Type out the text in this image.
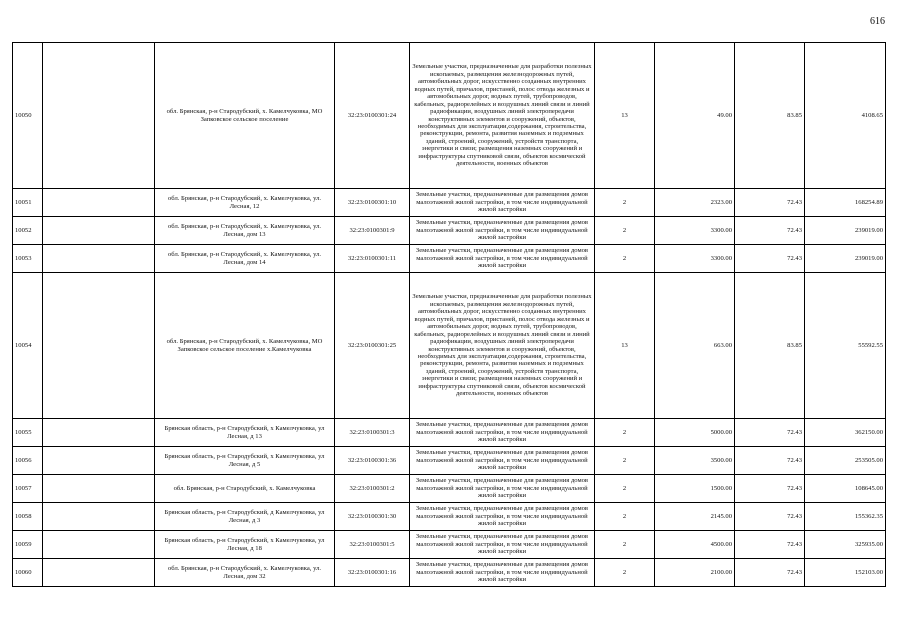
616
10050		обл. Брянская, р-н Стародубский, х. Камелчуковка, МО Запковское сельское поселение	32:23:0100301:24	Земельные участки, предназначенные для разработки полезных ископаемых, размещения железнодорожных путей, автомобильных дорог, искусственно созданных внутренних водных путей, причалов, пристаней, полос отвода железных и автомобильных дорог, водных путей, трубопроводов, кабельных, радиорелейных и воздушных линий связи и линий радиофикации, воздушных линий электропередачи конструктивных элементов и сооружений, объектов, необходимых для эксплуатации,содержания, строительства, реконструкции, ремонта, развития наземных и подземных зданий, строений, сооружений, устройств транспорта, энергетики и связи; размещения наземных сооружений и инфраструктуры спутниковой связи, объектов космической деятельности, военных объектов	13	49.00	83.85	4108.65
10051		обл. Брянская, р-н Стародубский, х. Камелчуковка, ул. Лесная, 12	32:23:0100301:10	Земельные участки, предназначенные для размещения домов малоэтажной жилой застройки, в том числе индивидуальной жилой застройки	2	2323.00	72.43	168254.89
10052		обл. Брянская, р-н Стародубский, х. Камелчуковка, ул. Лесная, дом 13	32:23:0100301:9	Земельные участки, предназначенные для размещения домов малоэтажной жилой застройки, в том числе индивидуальной жилой застройки	2	3300.00	72.43	239019.00
10053		обл. Брянская, р-н Стародубский, х. Камелчуковка, ул. Лесная, дом 14	32:23:0100301:11	Земельные участки, предназначенные для размещения домов малоэтажной жилой застройки, в том числе индивидуальной жилой застройки	2	3300.00	72.43	239019.00
10054		обл. Брянская, р-н Стародубский, х. Камелчуковка, МО Запковское сельское поселение х.Камелчуковка	32:23:0100301:25	Земельные участки, предназначенные для разработки полезных ископаемых, размещения железнодорожных путей, автомобильных дорог, искусственно созданных внутренних водных путей, причалов, пристаней, полос отвода железных и автомобильных дорог, водных путей, трубопроводов, кабельных, радиорелейных и воздушных линий связи и линий радиофикации, воздушных линий электропередачи конструктивных элементов и сооружений, объектов, необходимых для эксплуатации,содержания, строительства, реконструкции, ремонта, развития наземных и подземных зданий, строений, сооружений, устройств транспорта, энергетики и связи; размещения наземных сооружений и инфраструктуры спутниковой связи, объектов космической деятельности, военных объектов	13	663.00	83.85	55592.55
10055		Брянская область, р-н Стародубский, х Камелчуковка, ул Лесная, д 13	32:23:0100301:3	Земельные участки, предназначенные для размещения домов малоэтажной жилой застройки, в том числе индивидуальной жилой застройки	2	5000.00	72.43	362150.00
10056		Брянская область, р-н Стародубский, х Камелчуковка, ул Лесная, д 5	32:23:0100301:36	Земельные участки, предназначенные для размещения домов малоэтажной жилой застройки, в том числе индивидуальной жилой застройки	2	3500.00	72.43	253505.00
10057		обл. Брянская, р-н Стародубский, х. Камелчуковка	32:23:0100301:2	Земельные участки, предназначенные для размещения домов малоэтажной жилой застройки, в том числе индивидуальной жилой застройки	2	1500.00	72.43	108645.00
10058		Брянская область, р-н Стародубский, д Камелчуковка, ул Лесная, д 3	32:23:0100301:30	Земельные участки, предназначенные для размещения домов малоэтажной жилой застройки, в том числе индивидуальной жилой застройки	2	2145.00	72.43	155362.35
10059		Брянская область, р-н Стародубский, х Камелчуковка, ул Лесная, д 18	32:23:0100301:5	Земельные участки, предназначенные для размещения домов малоэтажной жилой застройки, в том числе индивидуальной жилой застройки	2	4500.00	72.43	325935.00
10060		обл. Брянская, р-н Стародубский, х. Камелчуковка, ул. Лесная, дом 32	32:23:0100301:16	Земельные участки, предназначенные для размещения домов малоэтажной жилой застройки, в том числе индивидуальной жилой застройки	2	2100.00	72.43	152103.00
